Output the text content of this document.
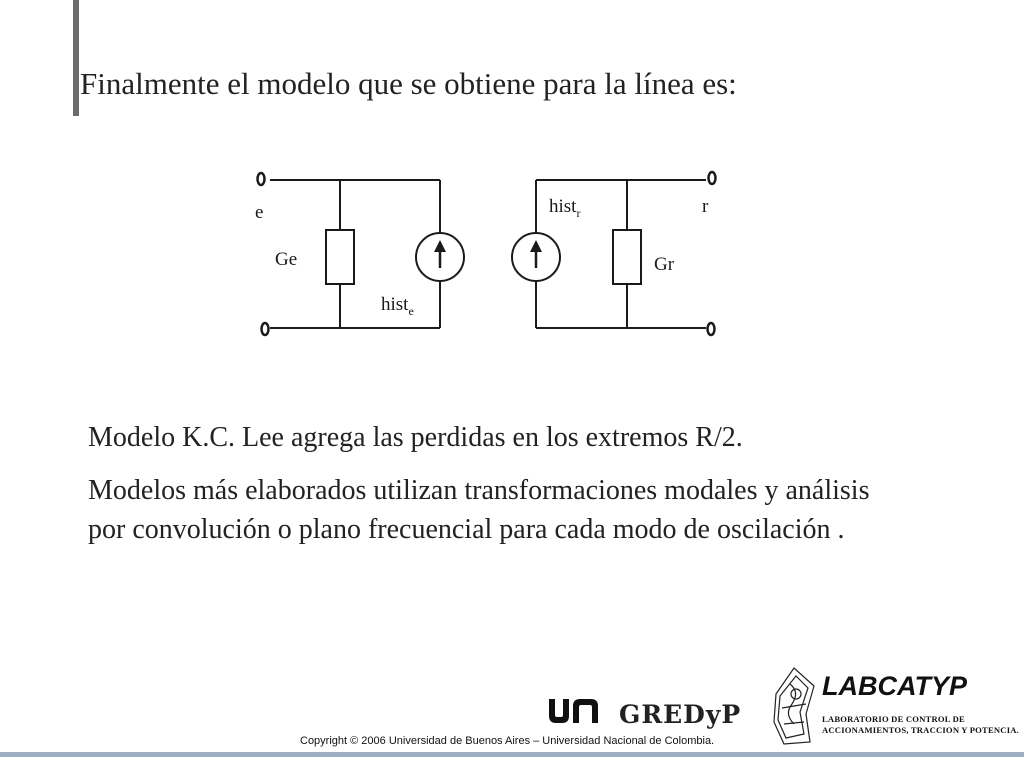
Finalmente el modelo que se obtiene para la línea es:
e
Ge
hist$_e$
hist$_r$	r
Gr

Modelo K.C. Lee agrega las perdidas en los extremos R/2.

Modelos más elaborados utilizan transformaciones modales y análisis por convolución o plano frecuencial para cada modo de oscilación .

GREDyP
Copyright © 2006 Universidad de Buenos Aires – Universidad Nacional de Colombia.
LABCATYP
LABORATORIO DE CONTROL DE
ACCIONAMIENTOS, TRACCION Y POTENCIA.
